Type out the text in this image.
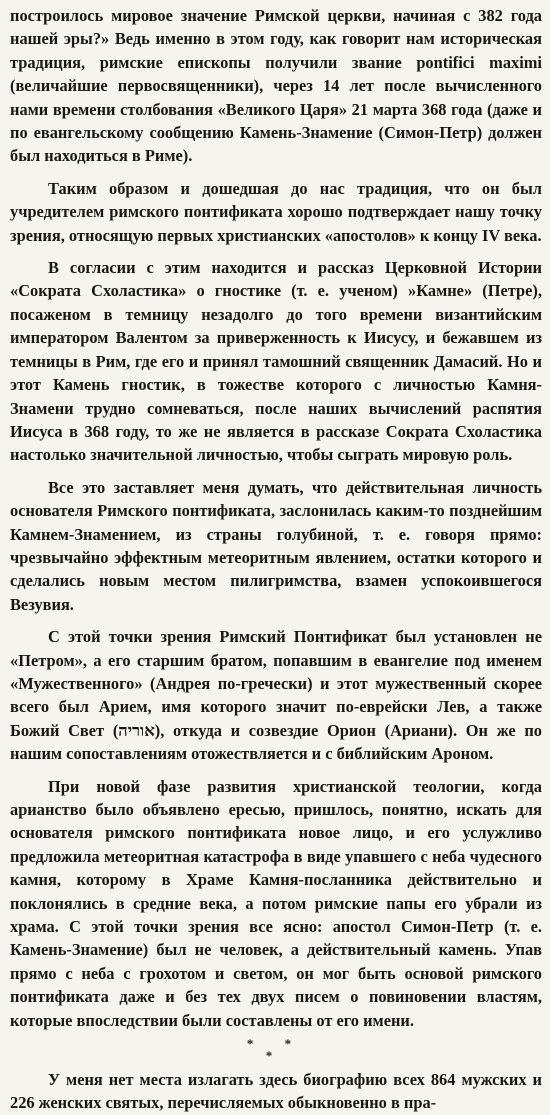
построилось мировое значение Римской церкви, начиная с 382 года нашей эры?» Ведь именно в этом году, как говорит нам историческая традиция, римские епископы получили звание pontifici maximi (величайшие первосвященники), через 14 лет после вычисленного нами времени столбования «Великого Царя» 21 марта 368 года (даже и по евангельскому сообщению Камень-Знамение (Симон-Петр) должен был находиться в Риме).

Таким образом и дошедшая до нас традиция, что он был учредителем римского понтификата хорошо подтверждает нашу точку зрения, относящую первых христианских «апостолов» к концу IV века.

В согласии с этим находится и рассказ Церковной Истории «Сократа Схоластика» о гностике (т. е. ученом) »Камне» (Петре), посаженом в темницу незадолго до того времени византийским императором Валентом за приверженность к Иисусу, и бежавшем из темницы в Рим, где его и принял тамошний священник Дамасий. Но и этот Камень гностик, в тожестве которого с личностью Камня-Знамени трудно сомневаться, после наших вычислений распятия Иисуса в 368 году, то же не является в рассказе Сократа Схоластика настолько значительной личностью, чтобы сыграть мировую роль.

Все это заставляет меня думать, что действительная личность основателя Римского понтификата, заслонилась каким-то позднейшим Камнем-Знамением, из страны голубиной, т. е. говоря прямо: чрезвычайно эффектным метеоритным явлением, остатки которого и сделались новым местом пилигримства, взамен успокоившегося Везувия.

С этой точки зрения Римский Понтификат был установлен не «Петром», а его старшим братом, попавшим в евангелие под именем «Мужественного» (Андрея по-гречески) и этот мужественный скорее всего был Арием, имя которого значит по-еврейски Лев, а также Божий Свет (אוריה), откуда и созвездие Орион (Ариани). Он же по нашим сопоставлениям отожествляется и с библийским Ароном.

При новой фазе развития христианской теологии, когда арианство было объявлено ересью, пришлось, понятно, искать для основателя римского понтификата новое лицо, и его услужливо предложила метеоритная катастрофа в виде упавшего с неба чудесного камня, которому в Храме Камня-посланника действительно и поклонялись в средние века, а потом римские папы его убрали из храма. С этой точки зрения все ясно: апостол Симон-Петр (т. е. Камень-Знамение) был не человек, а действительный камень. Упав прямо с неба с грохотом и светом, он мог быть основой римского понтификата даже и без тех двух писем о повиновении властям, которые впоследствии были составлены от его имени.

* *
*

У меня нет места излагать здесь биографию всех 864 мужских и 226 женских святых, перечисляемых обыкновенно в пра-
